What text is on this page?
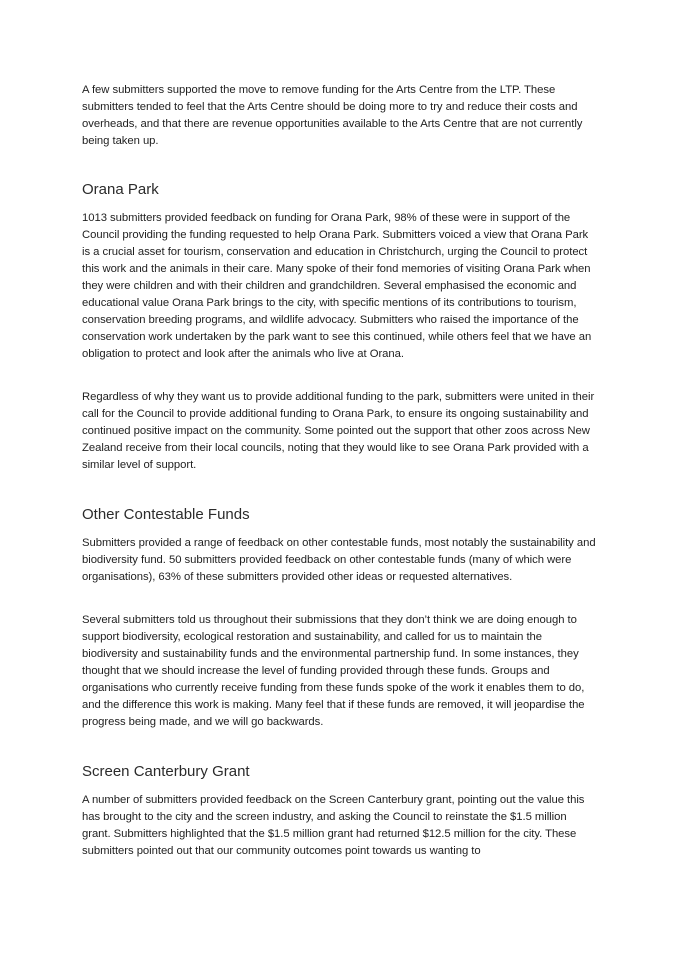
A few submitters supported the move to remove funding for the Arts Centre from the LTP. These submitters tended to feel that the Arts Centre should be doing more to try and reduce their costs and overheads, and that there are revenue opportunities available to the Arts Centre that are not currently being taken up.

Orana Park

1013 submitters provided feedback on funding for Orana Park, 98% of these were in support of the Council providing the funding requested to help Orana Park. Submitters voiced a view that Orana Park is a crucial asset for tourism, conservation and education in Christchurch, urging the Council to protect this work and the animals in their care. Many spoke of their fond memories of visiting Orana Park when they were children and with their children and grandchildren. Several emphasised the economic and educational value Orana Park brings to the city, with specific mentions of its contributions to tourism, conservation breeding programs, and wildlife advocacy. Submitters who raised the importance of the conservation work undertaken by the park want to see this continued, while others feel that we have an obligation to protect and look after the animals who live at Orana.

Regardless of why they want us to provide additional funding to the park, submitters were united in their call for the Council to provide additional funding to Orana Park, to ensure its ongoing sustainability and continued positive impact on the community. Some pointed out the support that other zoos across New Zealand receive from their local councils, noting that they would like to see Orana Park provided with a similar level of support.

Other Contestable Funds

Submitters provided a range of feedback on other contestable funds, most notably the sustainability and biodiversity fund. 50 submitters provided feedback on other contestable funds (many of which were organisations), 63% of these submitters provided other ideas or requested alternatives.

Several submitters told us throughout their submissions that they don’t think we are doing enough to support biodiversity, ecological restoration and sustainability, and called for us to maintain the biodiversity and sustainability funds and the environmental partnership fund. In some instances, they thought that we should increase the level of funding provided through these funds. Groups and organisations who currently receive funding from these funds spoke of the work it enables them to do, and the difference this work is making. Many feel that if these funds are removed, it will jeopardise the progress being made, and we will go backwards.

Screen Canterbury Grant

A number of submitters provided feedback on the Screen Canterbury grant, pointing out the value this has brought to the city and the screen industry, and asking the Council to reinstate the $1.5 million grant. Submitters highlighted that the $1.5 million grant had returned $12.5 million for the city. These submitters pointed out that our community outcomes point towards us wanting to
